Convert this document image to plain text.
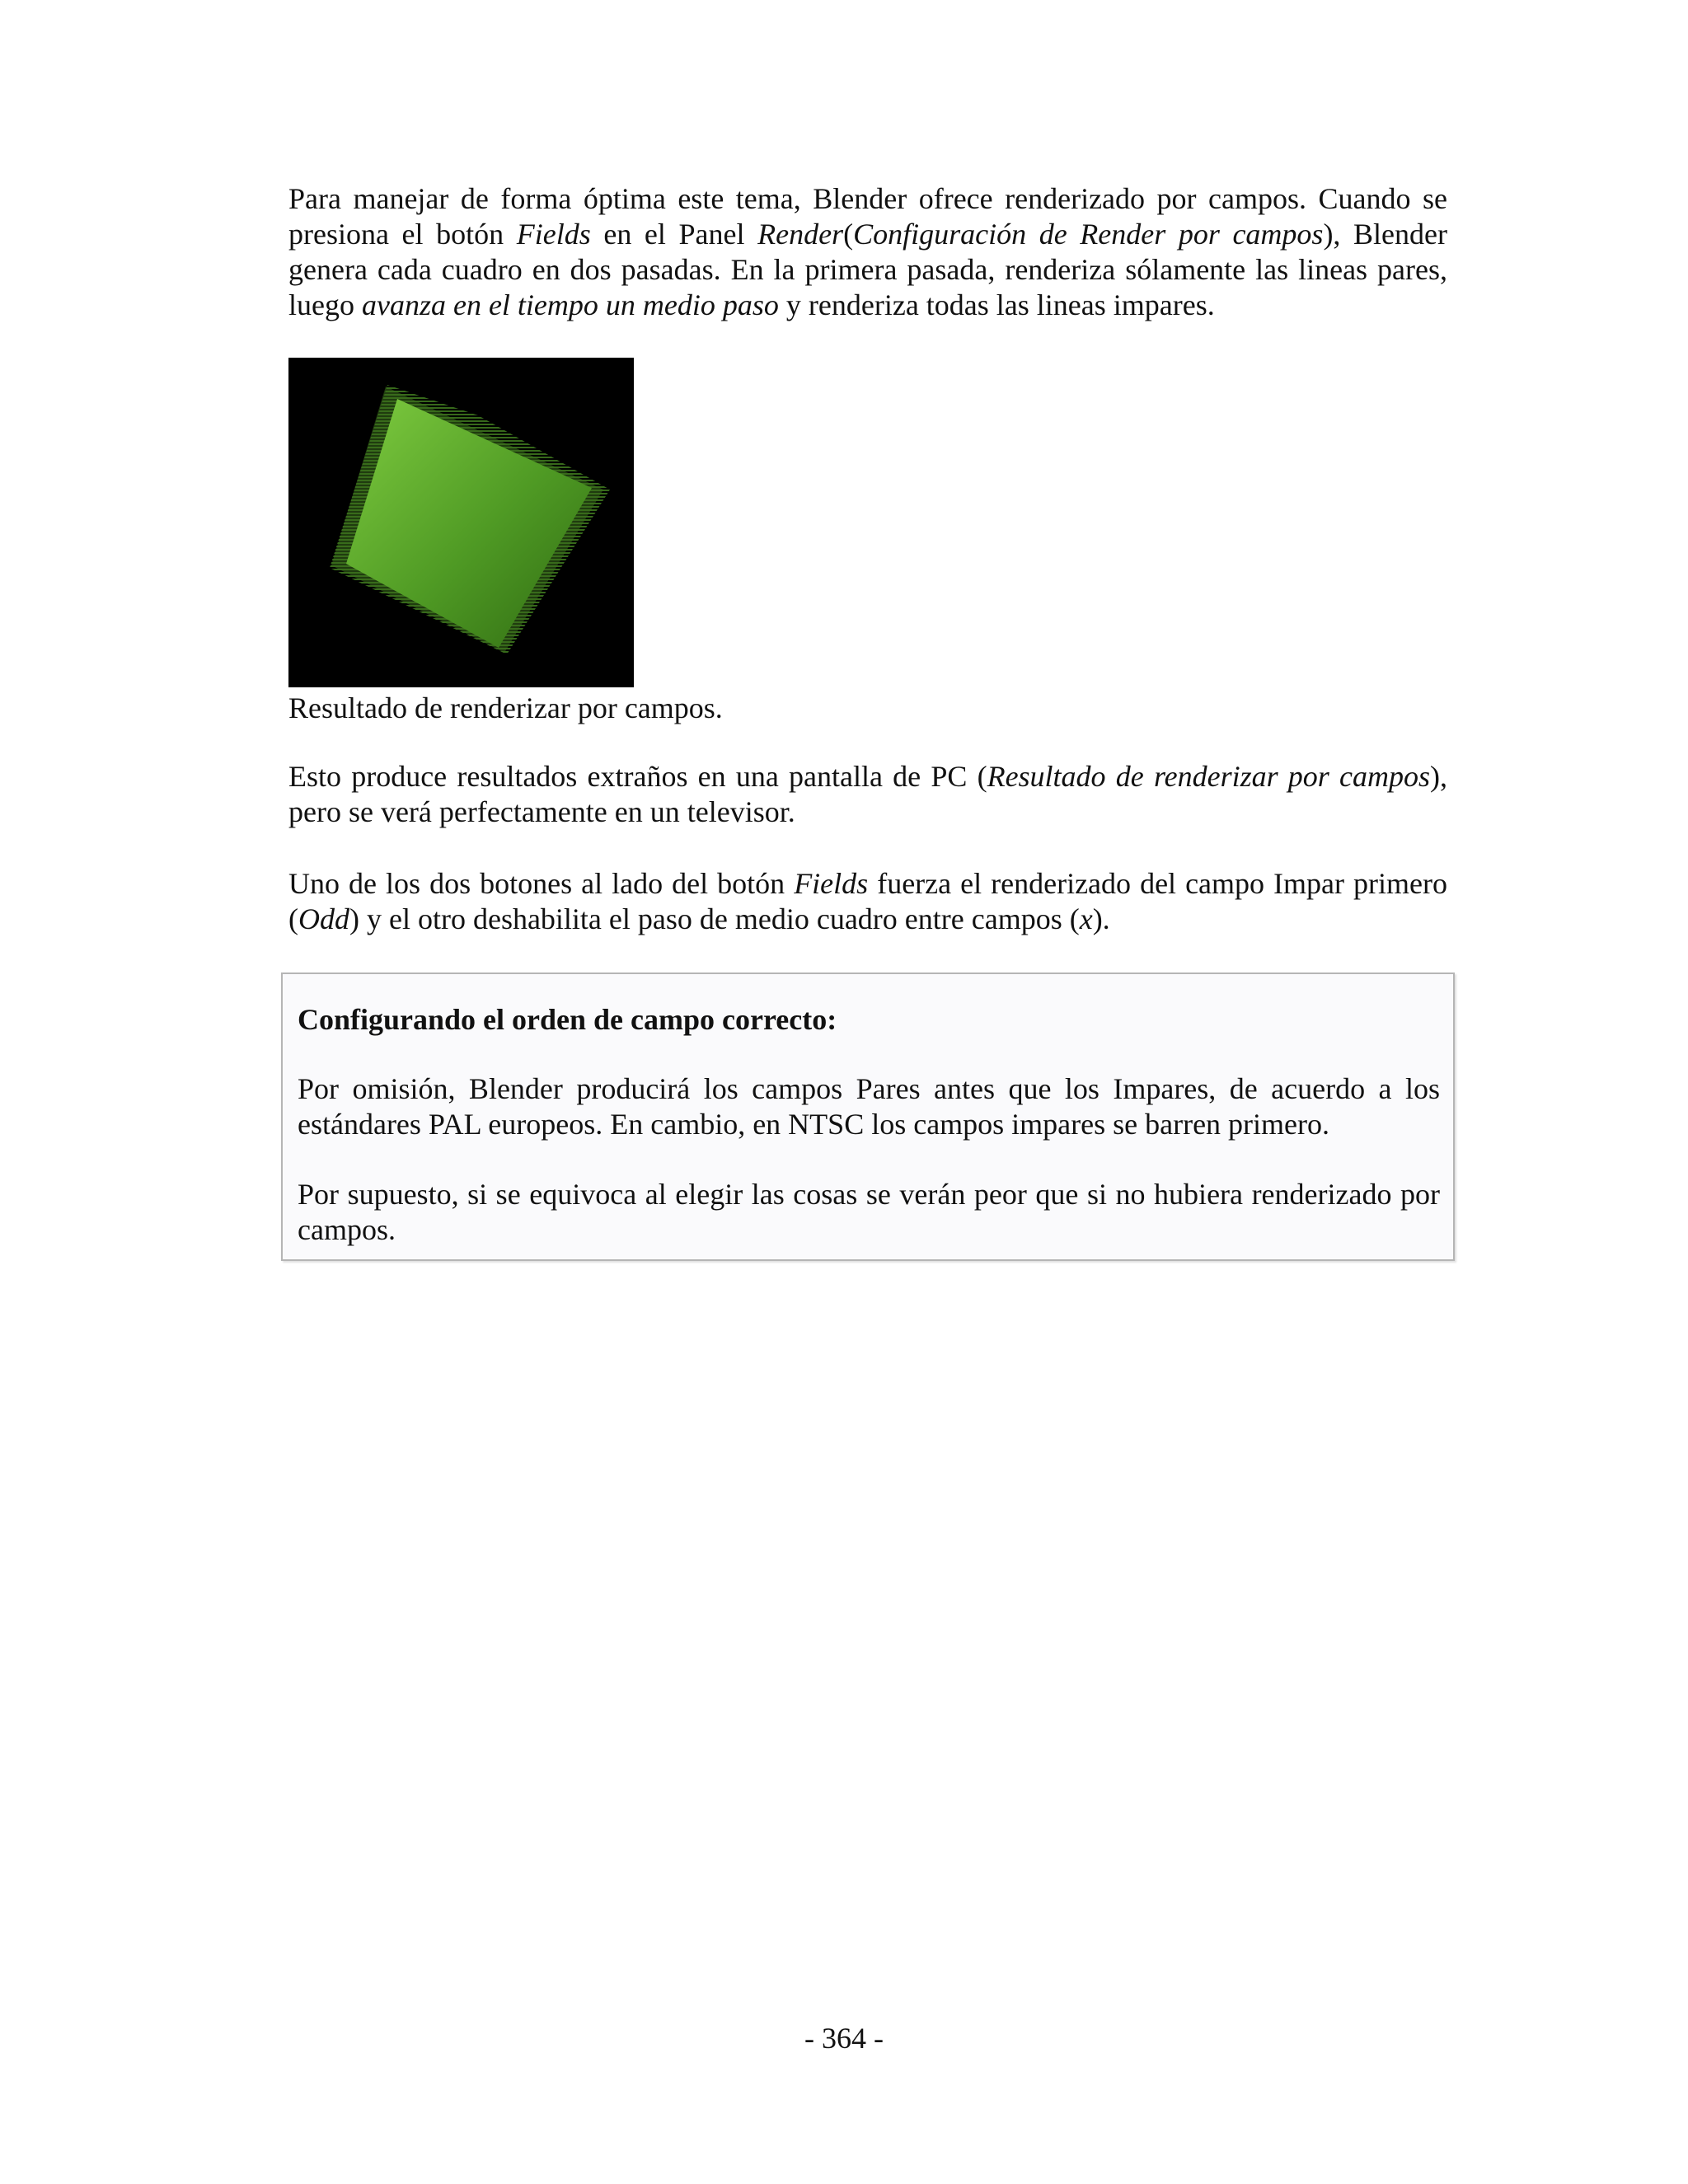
Para manejar de forma óptima este tema, Blender ofrece renderizado por campos. Cuando se presiona el botón Fields en el Panel Render(Configuración de Render por campos), Blender genera cada cuadro en dos pasadas. En la primera pasada, renderiza sólamente las lineas pares, luego avanza en el tiempo un medio paso y renderiza todas las lineas impares.

Resultado de renderizar por campos.

Esto produce resultados extraños en una pantalla de PC (Resultado de renderizar por campos), pero se verá perfectamente en un televisor.

Uno de los dos botones al lado del botón Fields fuerza el renderizado del campo Impar primero (Odd) y el otro deshabilita el paso de medio cuadro entre campos (x).

Configurando el orden de campo correcto:

Por omisión, Blender producirá los campos Pares antes que los Impares, de acuerdo a los estándares PAL europeos. En cambio, en NTSC los campos impares se barren primero.

Por supuesto, si se equivoca al elegir las cosas se verán peor que si no hubiera renderizado por campos.

- 364 -
